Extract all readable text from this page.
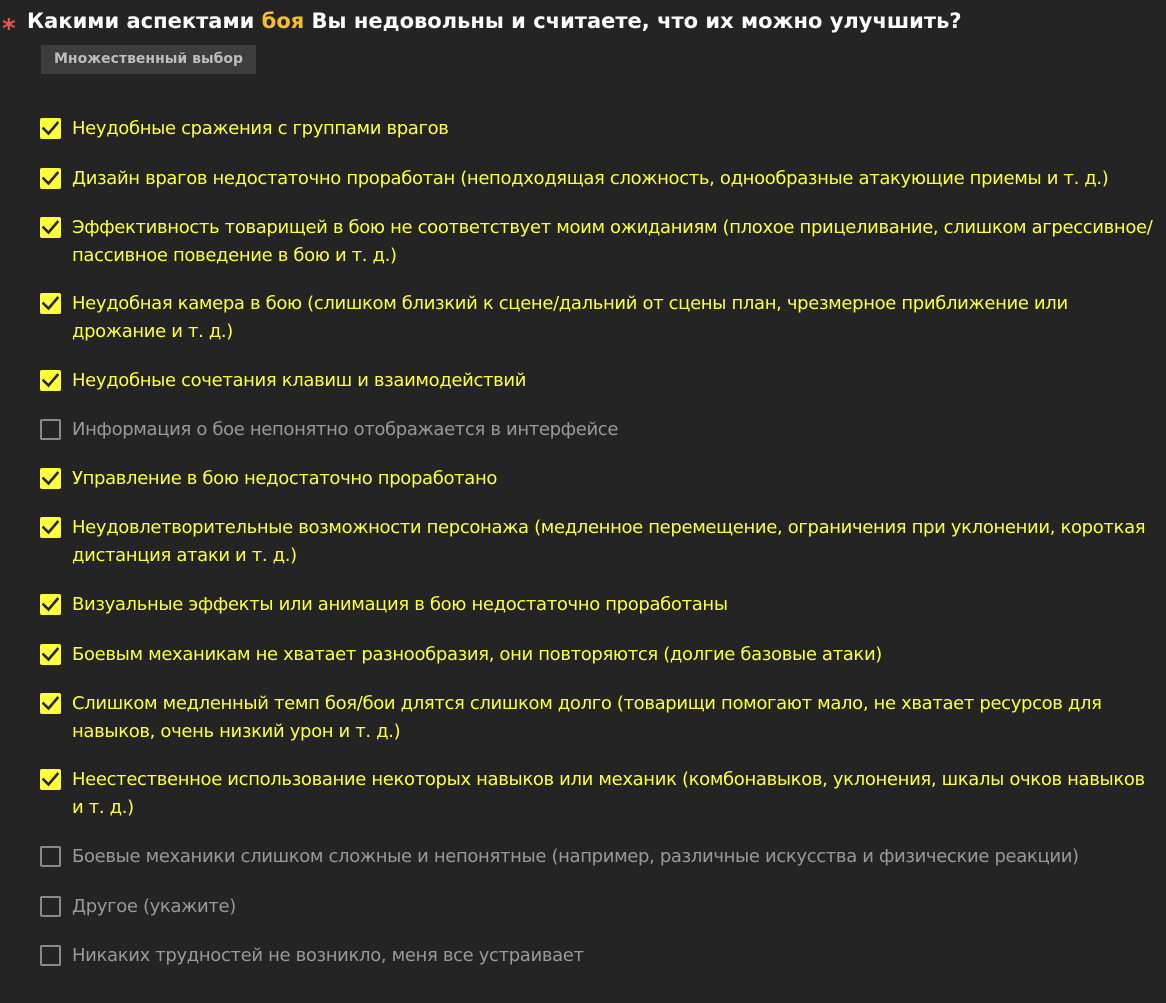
* Какими аспектами боя Вы недовольны и считаете, что их можно улучшить?
Множественный выбор
Неудобные сражения с группами врагов
Дизайн врагов недостаточно проработан (неподходящая сложность, однообразные атакующие приемы и т. д.)
Эффективность товарищей в бою не соответствует моим ожиданиям (плохое прицеливание, слишком агрессивное/пассивное поведение в бою и т. д.)
Неудобная камера в бою (слишком близкий к сцене/дальний от сцены план, чрезмерное приближение или дрожание и т. д.)
Неудобные сочетания клавиш и взаимодействий
Информация о бое непонятно отображается в интерфейсе
Управление в бою недостаточно проработано
Неудовлетворительные возможности персонажа (медленное перемещение, ограничения при уклонении, короткая дистанция атаки и т. д.)
Визуальные эффекты или анимация в бою недостаточно проработаны
Боевым механикам не хватает разнообразия, они повторяются (долгие базовые атаки)
Слишком медленный темп боя/бои длятся слишком долго (товарищи помогают мало, не хватает ресурсов для навыков, очень низкий урон и т. д.)
Неестественное использование некоторых навыков или механик (комбонавыков, уклонения, шкалы очков навыков и т. д.)
Боевые механики слишком сложные и непонятные (например, различные искусства и физические реакции)
Другое (укажите)
Никаких трудностей не возникло, меня все устраивает
